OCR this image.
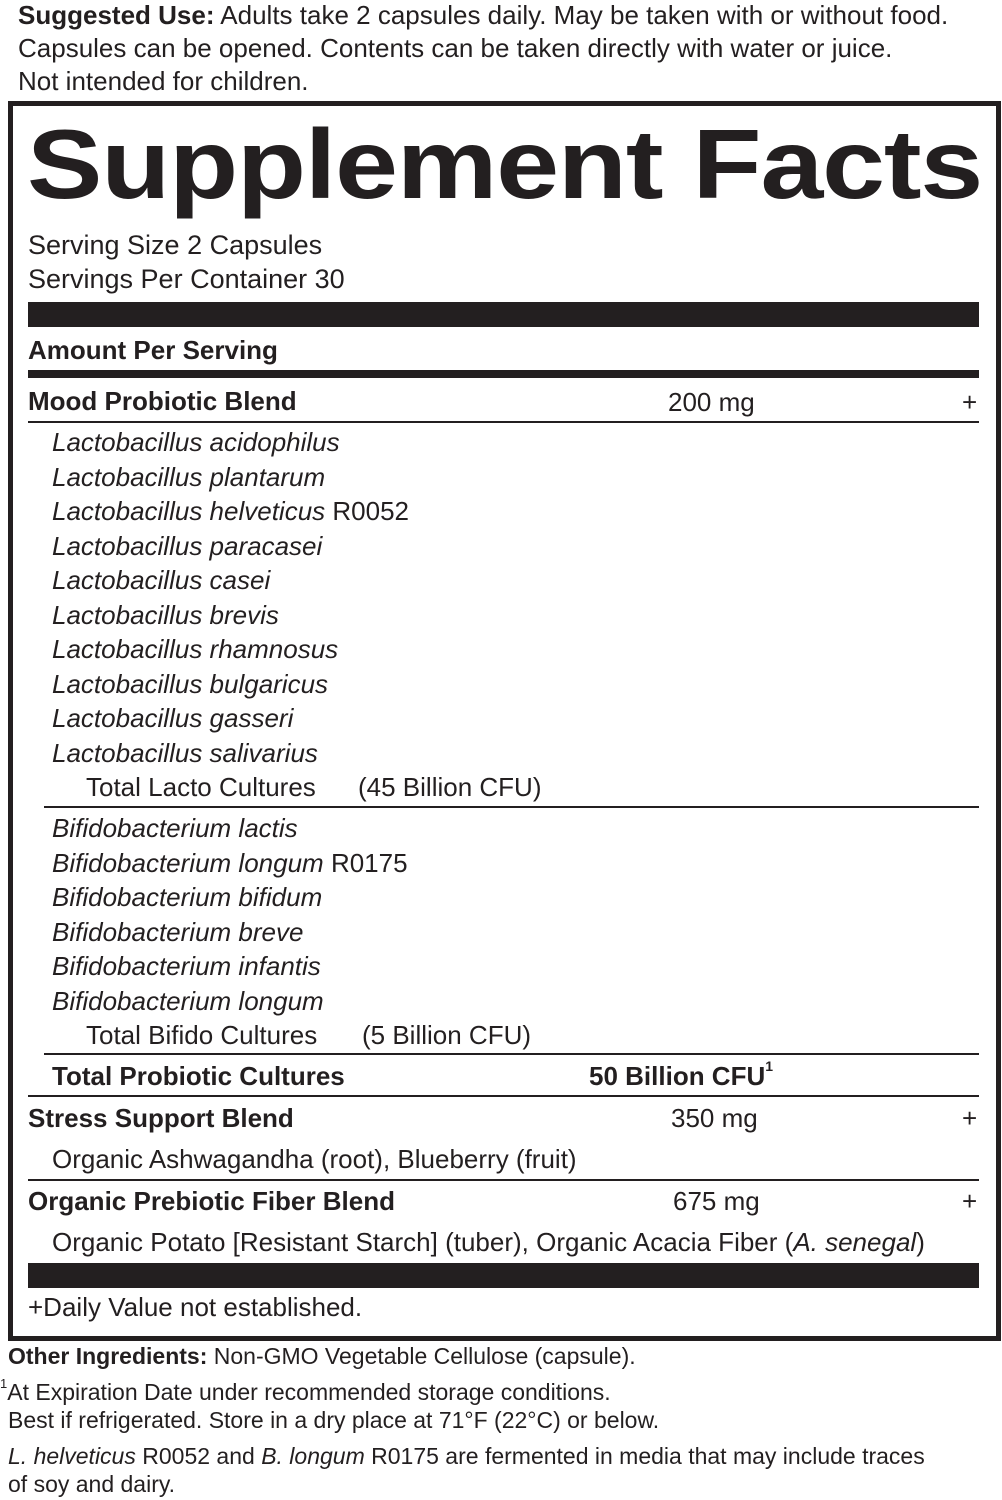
Suggested Use: Adults take 2 capsules daily. May be taken with or without food.
Capsules can be opened. Contents can be taken directly with water or juice.
Not intended for children.
Supplement Facts
Serving Size 2 Capsules
Servings Per Container 30
Amount Per Serving
Mood Probiotic Blend	200 mg	+
Lactobacillus acidophilus
Lactobacillus plantarum
Lactobacillus helveticus R0052
Lactobacillus paracasei
Lactobacillus casei
Lactobacillus brevis
Lactobacillus rhamnosus
Lactobacillus bulgaricus
Lactobacillus gasseri
Lactobacillus salivarius
Total Lacto Cultures (45 Billion CFU)
Bifidobacterium lactis
Bifidobacterium longum R0175
Bifidobacterium bifidum
Bifidobacterium breve
Bifidobacterium infantis
Bifidobacterium longum
Total Bifido Cultures (5 Billion CFU)
Total Probiotic Cultures	50 Billion CFU$^1$
Stress Support Blend	350 mg	+
Organic Ashwagandha (root), Blueberry (fruit)
Organic Prebiotic Fiber Blend	675 mg	+
Organic Potato [Resistant Starch] (tuber), Organic Acacia Fiber (A. senegal)
+Daily Value not established.
Other Ingredients: Non-GMO Vegetable Cellulose (capsule).
$^1$At Expiration Date under recommended storage conditions.
Best if refrigerated. Store in a dry place at 71°F (22°C) or below.
L. helveticus R0052 and B. longum R0175 are fermented in media that may include traces
of soy and dairy.
